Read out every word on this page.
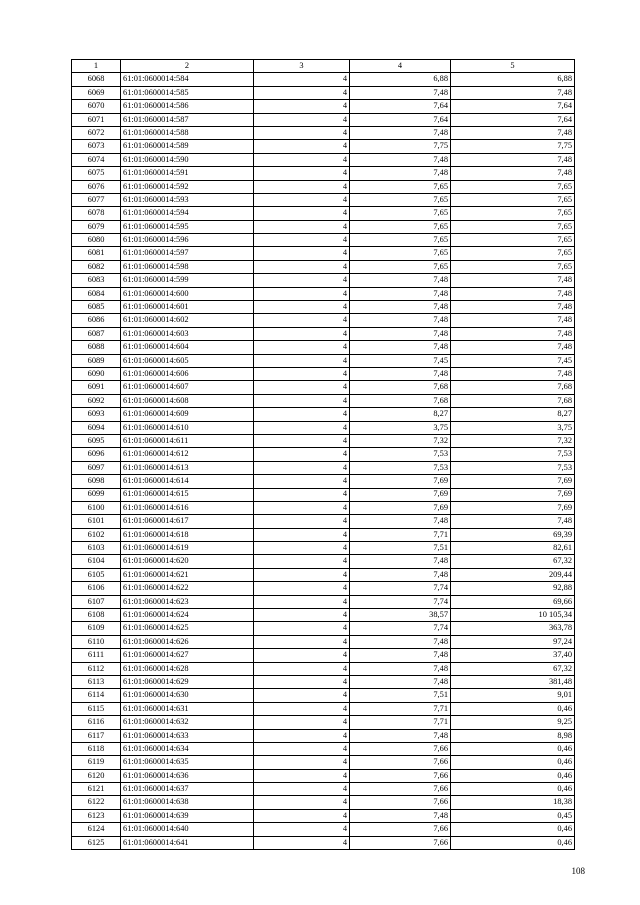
1	2	3	4	5
6068	61:01:0600014:584	4	6,88	6,88
6069	61:01:0600014:585	4	7,48	7,48
6070	61:01:0600014:586	4	7,64	7,64
6071	61:01:0600014:587	4	7,64	7,64
6072	61:01:0600014:588	4	7,48	7,48
6073	61:01:0600014:589	4	7,75	7,75
6074	61:01:0600014:590	4	7,48	7,48
6075	61:01:0600014:591	4	7,48	7,48
6076	61:01:0600014:592	4	7,65	7,65
6077	61:01:0600014:593	4	7,65	7,65
6078	61:01:0600014:594	4	7,65	7,65
6079	61:01:0600014:595	4	7,65	7,65
6080	61:01:0600014:596	4	7,65	7,65
6081	61:01:0600014:597	4	7,65	7,65
6082	61:01:0600014:598	4	7,65	7,65
6083	61:01:0600014:599	4	7,48	7,48
6084	61:01:0600014:600	4	7,48	7,48
6085	61:01:0600014:601	4	7,48	7,48
6086	61:01:0600014:602	4	7,48	7,48
6087	61:01:0600014:603	4	7,48	7,48
6088	61:01:0600014:604	4	7,48	7,48
6089	61:01:0600014:605	4	7,45	7,45
6090	61:01:0600014:606	4	7,48	7,48
6091	61:01:0600014:607	4	7,68	7,68
6092	61:01:0600014:608	4	7,68	7,68
6093	61:01:0600014:609	4	8,27	8,27
6094	61:01:0600014:610	4	3,75	3,75
6095	61:01:0600014:611	4	7,32	7,32
6096	61:01:0600014:612	4	7,53	7,53
6097	61:01:0600014:613	4	7,53	7,53
6098	61:01:0600014:614	4	7,69	7,69
6099	61:01:0600014:615	4	7,69	7,69
6100	61:01:0600014:616	4	7,69	7,69
6101	61:01:0600014:617	4	7,48	7,48
6102	61:01:0600014:618	4	7,71	69,39
6103	61:01:0600014:619	4	7,51	82,61
6104	61:01:0600014:620	4	7,48	67,32
6105	61:01:0600014:621	4	7,48	209,44
6106	61:01:0600014:622	4	7,74	92,88
6107	61:01:0600014:623	4	7,74	69,66
6108	61:01:0600014:624	4	38,57	10 105,34
6109	61:01:0600014:625	4	7,74	363,78
6110	61:01:0600014:626	4	7,48	97,24
6111	61:01:0600014:627	4	7,48	37,40
6112	61:01:0600014:628	4	7,48	67,32
6113	61:01:0600014:629	4	7,48	381,48
6114	61:01:0600014:630	4	7,51	9,01
6115	61:01:0600014:631	4	7,71	0,46
6116	61:01:0600014:632	4	7,71	9,25
6117	61:01:0600014:633	4	7,48	8,98
6118	61:01:0600014:634	4	7,66	0,46
6119	61:01:0600014:635	4	7,66	0,46
6120	61:01:0600014:636	4	7,66	0,46
6121	61:01:0600014:637	4	7,66	0,46
6122	61:01:0600014:638	4	7,66	18,38
6123	61:01:0600014:639	4	7,48	0,45
6124	61:01:0600014:640	4	7,66	0,46
6125	61:01:0600014:641	4	7,66	0,46
108
